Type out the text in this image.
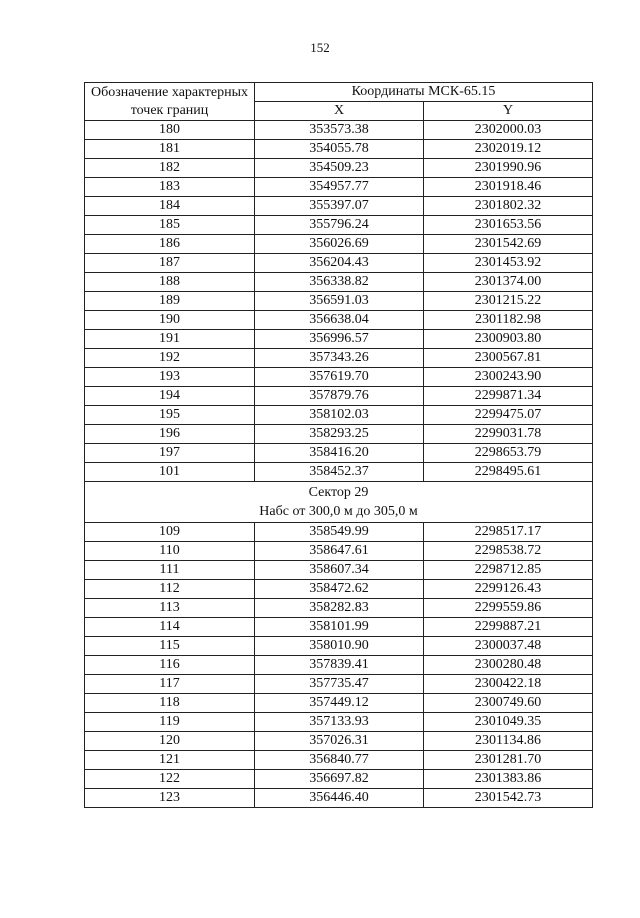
152
Обозначение характерных
точек границ	Координаты МСК-65.15	
	X	Y
180	353573.38	2302000.03
181	354055.78	2302019.12
182	354509.23	2301990.96
183	354957.77	2301918.46
184	355397.07	2301802.32
185	355796.24	2301653.56
186	356026.69	2301542.69
187	356204.43	2301453.92
188	356338.82	2301374.00
189	356591.03	2301215.22
190	356638.04	2301182.98
191	356996.57	2300903.80
192	357343.26	2300567.81
193	357619.70	2300243.90
194	357879.76	2299871.34
195	358102.03	2299475.07
196	358293.25	2299031.78
197	358416.20	2298653.79
101	358452.37	2298495.61

Сектор 29
Набс от 300,0 м до 305,0 м		

109	358549.99	2298517.17
110	358647.61	2298538.72
111	358607.34	2298712.85
112	358472.62	2299126.43
113	358282.83	2299559.86
114	358101.99	2299887.21
115	358010.90	2300037.48
116	357839.41	2300280.48
117	357735.47	2300422.18
118	357449.12	2300749.60
119	357133.93	2301049.35
120	357026.31	2301134.86
121	356840.77	2301281.70
122	356697.82	2301383.86
123	356446.40	2301542.73
